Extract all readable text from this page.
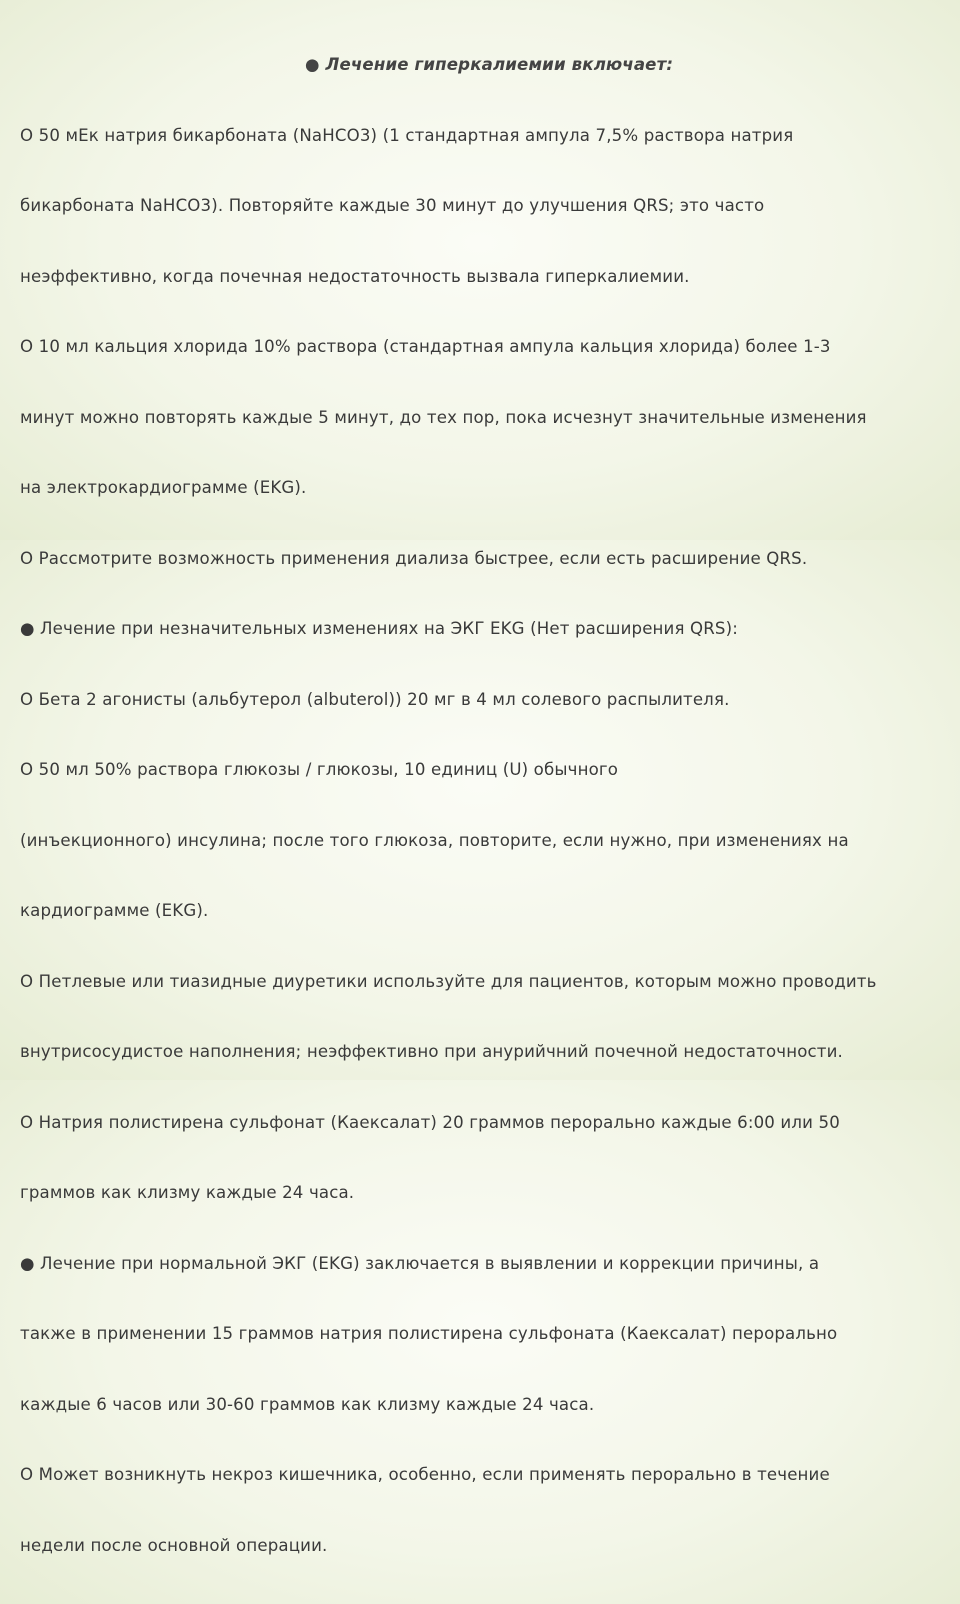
● Лечение гиперкалиемии включает:

O 50 мЕк натрия бикарбоната (NaHCO3) (1 стандартная ампула 7,5% раствора натрия

бикарбоната NaHCO3). Повторяйте каждые 30 минут до улучшения QRS; это часто

неэффективно, когда почечная недостаточность вызвала гиперкалиемии.

O 10 мл кальция хлорида 10% раствора (стандартная ампула кальция хлорида) более 1-3

минут можно повторять каждые 5 минут, до тех пор, пока исчезнут значительные изменения

на электрокардиограмме (EKG).

O Рассмотрите возможность применения диализа быстрее, если есть расширение QRS.

● Лечение при незначительных изменениях на ЭКГ EKG (Нет расширения QRS):

O Бета 2 агонисты (альбутерол (albuterol)) 20 мг в 4 мл солевого распылителя.

O 50 мл 50% раствора глюкозы / глюкозы, 10 единиц (U) обычного

(инъекционного) инсулина; после того глюкоза, повторите, если нужно, при изменениях на

кардиограмме (EKG).

O Петлевые или тиазидные диуретики используйте для пациентов, которым можно проводить

внутрисосудистое наполнения; неэффективно при анурийчний почечной недостаточности.

O Натрия полистирена сульфонат (Каексалат) 20 граммов перорально каждые 6:00 или 50

граммов как клизму каждые 24 часа.

● Лечение при нормальной ЭКГ (EKG) заключается в выявлении и коррекции причины, а

также в применении 15 граммов натрия полистирена сульфоната (Каексалат) перорально

каждые 6 часов или 30-60 граммов как клизму каждые 24 часа.

O Может возникнуть некроз кишечника, особенно, если применять перорально в течение

недели после основной операции.
